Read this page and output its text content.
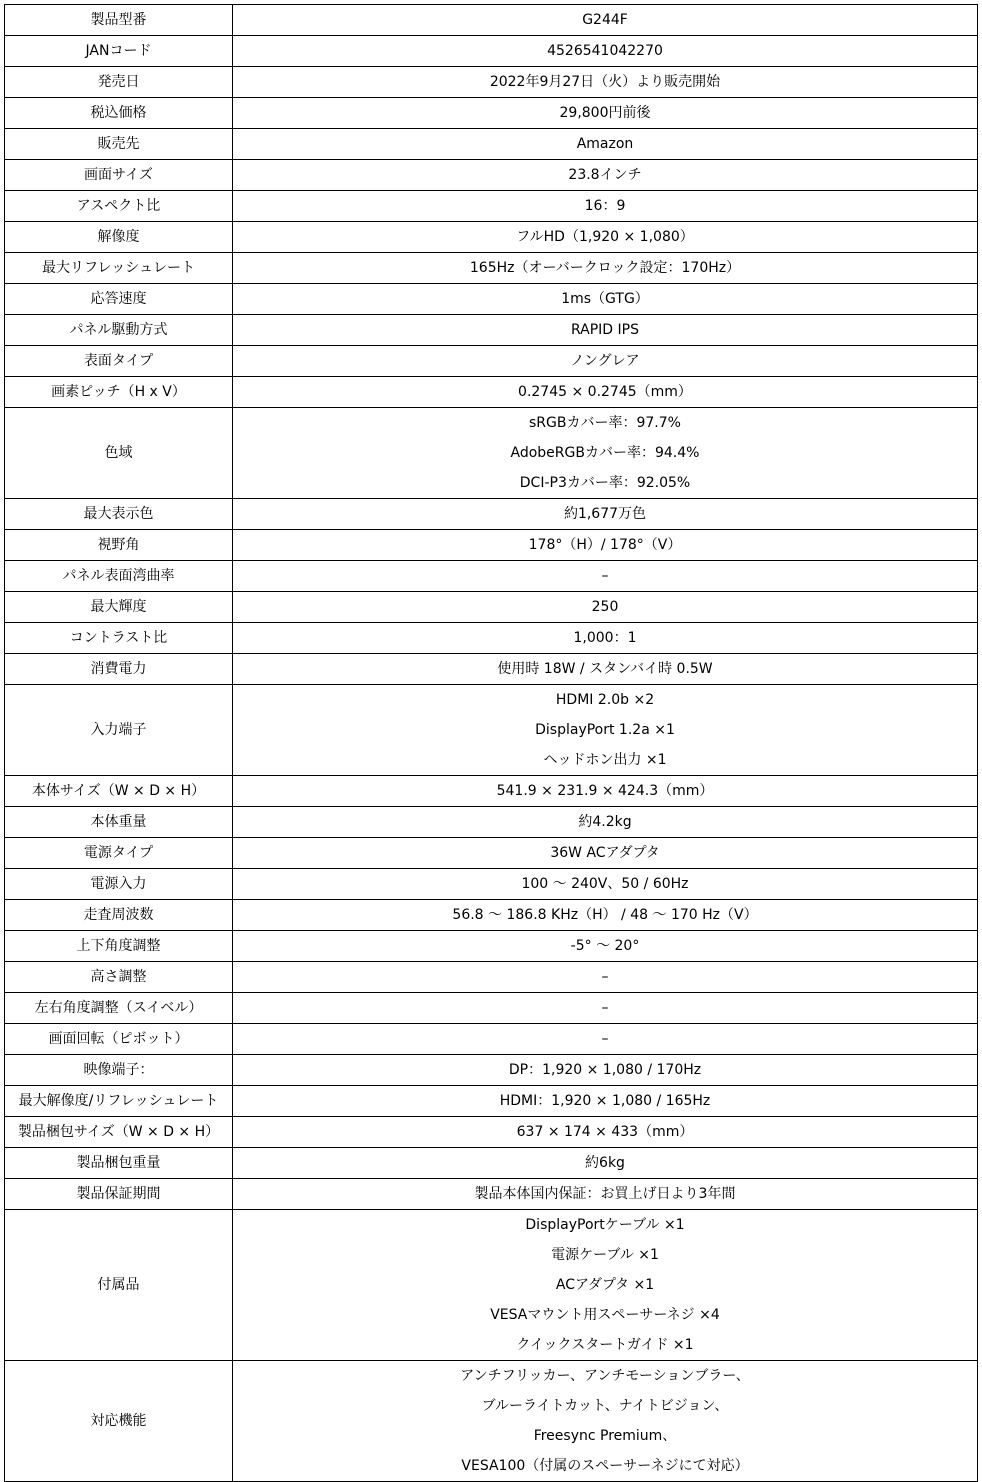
製品型番	G244F

JANコード	4526541042270

発売日	2022年9月27日（火）より販売開始

税込価格	29,800円前後

販売先	Amazon

画面サイズ	23.8インチ

アスペクト比	16：9

解像度	フルHD（1,920 × 1,080）

最大リフレッシュレート	165Hz（オーバークロック設定：170Hz）

応答速度	1ms（GTG）

パネル駆動方式	RAPID IPS

表面タイプ	ノングレア

画素ピッチ（H x V）	0.2745 × 0.2745（mm）

色域	sRGBカバー率：97.7%
AdobeRGBカバー率：94.4%
DCI-P3カバー率：92.05%

最大表示色	約1,677万色

視野角	178°（H）/ 178°（V）

パネル表面湾曲率	–

最大輝度	250

コントラスト比	1,000：1

消費電力	使用時 18W / スタンバイ時 0.5W

入力端子	HDMI 2.0b ×2
DisplayPort 1.2a ×1
ヘッドホン出力 ×1

本体サイズ（W × D × H）	541.9 × 231.9 × 424.3（mm）

本体重量	約4.2kg

電源タイプ	36W ACアダプタ

電源入力	100 ～ 240V、50 / 60Hz

走査周波数	56.8 ～ 186.8 KHz（H） / 48 ～ 170 Hz（V）

上下角度調整	-5° ～ 20°

高さ調整	–

左右角度調整（スイベル）	–

画面回転（ピボット）	–

映像端子：	DP：1,920 × 1,080 / 170Hz

最大解像度/リフレッシュレート	HDMI：1,920 × 1,080 / 165Hz

製品梱包サイズ（W × D × H）	637 × 174 × 433（mm）

製品梱包重量	約6kg

製品保証期間	製品本体国内保証：お買上げ日より3年間

付属品	DisplayPortケーブル ×1
電源ケーブル ×1
ACアダプタ ×1
VESAマウント用スペーサーネジ ×4
クイックスタートガイド ×1

対応機能	アンチフリッカー、アンチモーションブラー、
ブルーライトカット、ナイトビジョン、
Freesync Premium、
VESA100（付属のスペーサーネジにて対応）
